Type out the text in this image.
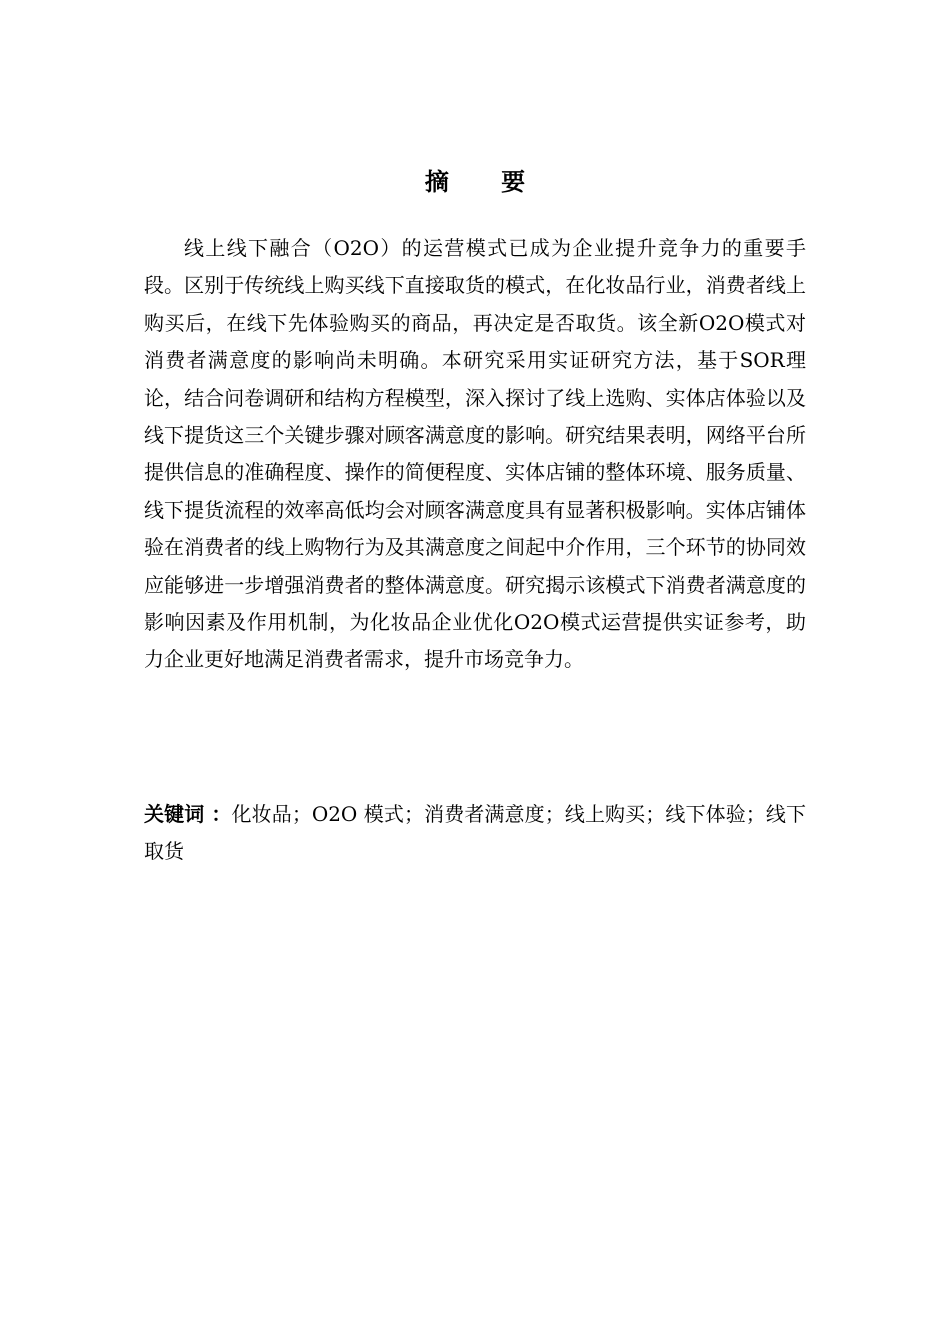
摘 要

线上线下融合（O2O）的运营模式已成为企业提升竞争力的重要手段。区别于传统线上购买线下直接取货的模式，在化妆品行业，消费者线上购买后，在线下先体验购买的商品，再决定是否取货。该全新O2O模式对消费者满意度的影响尚未明确。本研究采用实证研究方法，基于SOR理论，结合问卷调研和结构方程模型，深入探讨了线上选购、实体店体验以及线下提货这三个关键步骤对顾客满意度的影响。研究结果表明，网络平台所提供信息的准确程度、操作的简便程度、实体店铺的整体环境、服务质量、线下提货流程的效率高低均会对顾客满意度具有显著积极影响。实体店铺体验在消费者的线上购物行为及其满意度之间起中介作用，三个环节的协同效应能够进一步增强消费者的整体满意度。研究揭示该模式下消费者满意度的影响因素及作用机制，为化妆品企业优化O2O模式运营提供实证参考，助力企业更好地满足消费者需求，提升市场竞争力。

关键词 ：化妆品；O2O 模式；消费者满意度；线上购买；线下体验；线下取货
